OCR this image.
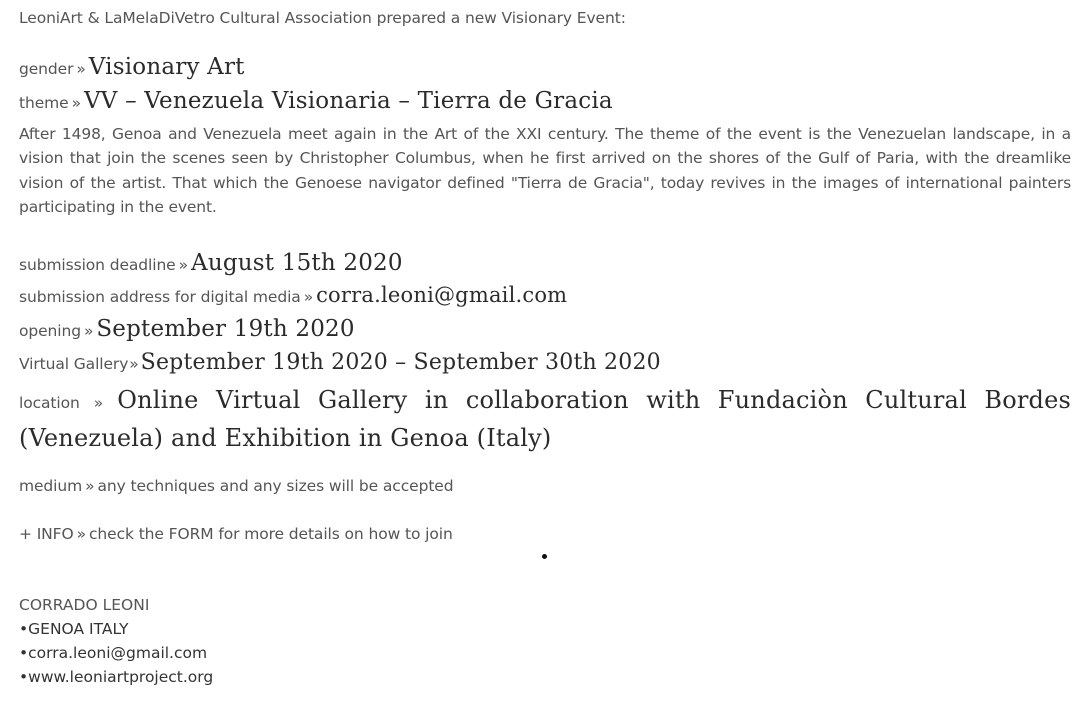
LeoniArt & LaMelaDiVetro Cultural Association prepared a new Visionary Event:
gender » Visionary Art
theme » VV – Venezuela Visionaria – Tierra de Gracia
After 1498, Genoa and Venezuela meet again in the Art of the XXI century. The theme of the event is the Venezuelan landscape, in a vision that join the scenes seen by Christopher Columbus, when he first arrived on the shores of the Gulf of Paria, with the dreamlike vision of the artist. That which the Genoese navigator defined "Tierra de Gracia", today revives in the images of international painters participating in the event.
submission deadline » August 15th 2020
submission address for digital media » corra.leoni@gmail.com
opening » September 19th 2020
Virtual Gallery»September 19th 2020 – September 30th 2020
location » Online Virtual Gallery in collaboration with Fundaciòn Cultural Bordes (Venezuela) and Exhibition in Genoa (Italy)
medium » any techniques and any sizes will be accepted
+ INFO » check the FORM for more details on how to join
CORRADO LEONI
•GENOA ITALY
•corra.leoni@gmail.com
•www.leoniartproject.org
